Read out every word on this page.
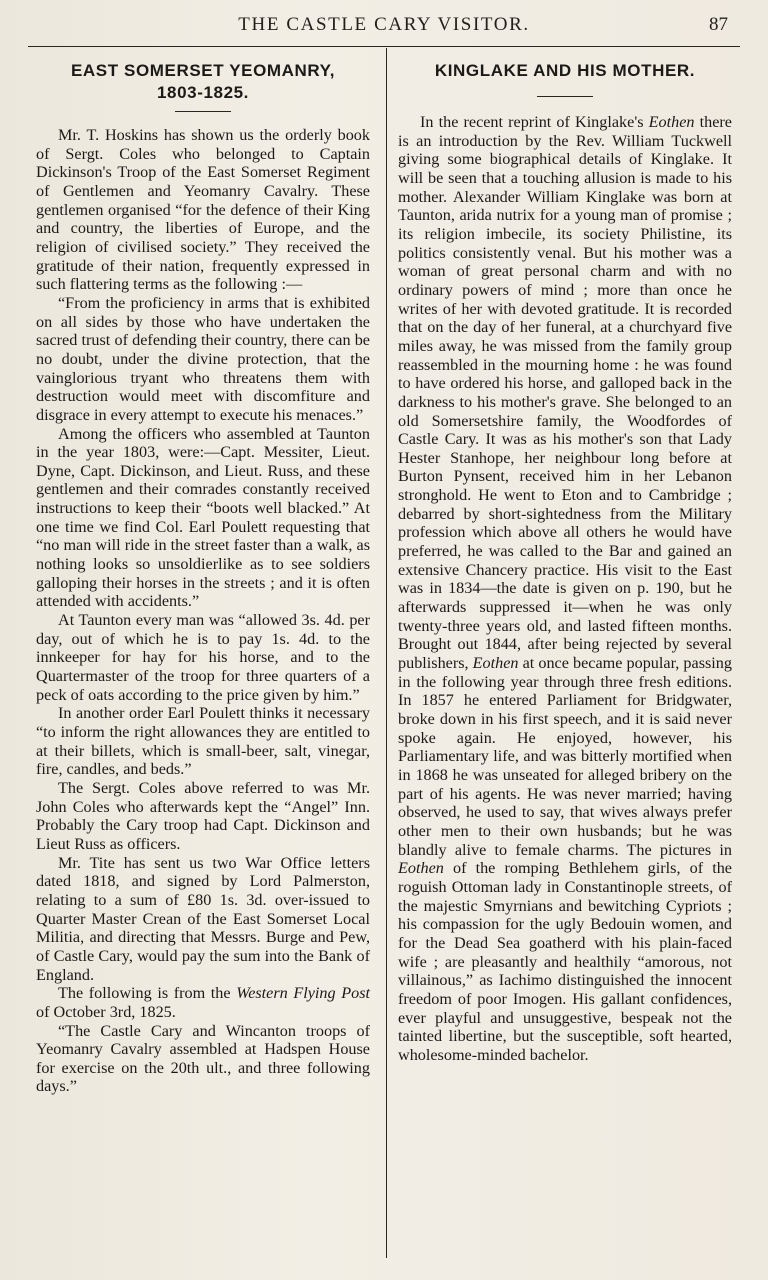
THE CASTLE CARY VISITOR.	87
EAST SOMERSET YEOMANRY,
1803-1825.

Mr. T. Hoskins has shown us the orderly book of Sergt. Coles who belonged to Captain Dickinson's Troop of the East Somerset Regiment of Gentlemen and Yeomanry Cavalry. These gentlemen organised “for the defence of their King and country, the liberties of Europe, and the religion of civilised society.” They received the gratitude of their nation, frequently expressed in such flattering terms as the following :—

“From the proficiency in arms that is exhibited on all sides by those who have undertaken the sacred trust of defending their country, there can be no doubt, under the divine protection, that the vainglorious tryant who threatens them with destruction would meet with discomfiture and disgrace in every attempt to execute his menaces.”

Among the officers who assembled at Taunton in the year 1803, were:—Capt. Messiter, Lieut. Dyne, Capt. Dickinson, and Lieut. Russ, and these gentlemen and their comrades constantly received instructions to keep their “boots well blacked.” At one time we find Col. Earl Poulett requesting that “no man will ride in the street faster than a walk, as nothing looks so unsoldierlike as to see soldiers galloping their horses in the streets ; and it is often attended with accidents.”

At Taunton every man was “allowed 3s. 4d. per day, out of which he is to pay 1s. 4d. to the innkeeper for hay for his horse, and to the Quartermaster of the troop for three quarters of a peck of oats according to the price given by him.”

In another order Earl Poulett thinks it necessary “to inform the right allowances they are entitled to at their billets, which is small-beer, salt, vinegar, fire, candles, and beds.”

The Sergt. Coles above referred to was Mr. John Coles who afterwards kept the “Angel” Inn. Probably the Cary troop had Capt. Dickinson and Lieut Russ as officers.

Mr. Tite has sent us two War Office letters dated 1818, and signed by Lord Palmerston, relating to a sum of £80 1s. 3d. over-issued to Quarter Master Crean of the East Somerset Local Militia, and directing that Messrs. Burge and Pew, of Castle Cary, would pay the sum into the Bank of England.

The following is from the Western Flying Post of October 3rd, 1825.

“The Castle Cary and Wincanton troops of Yeomanry Cavalry assembled at Hadspen House for exercise on the 20th ult., and three following days.”

KINGLAKE AND HIS MOTHER.

In the recent reprint of Kinglake's Eothen there is an introduction by the Rev. William Tuckwell giving some biographical details of Kinglake. It will be seen that a touching allusion is made to his mother. Alexander William Kinglake was born at Taunton, arida nutrix for a young man of promise ; its religion imbecile, its society Philistine, its politics consistently venal. But his mother was a woman of great personal charm and with no ordinary powers of mind ; more than once he writes of her with devoted gratitude. It is recorded that on the day of her funeral, at a churchyard five miles away, he was missed from the family group reassembled in the mourning home : he was found to have ordered his horse, and galloped back in the darkness to his mother's grave. She belonged to an old Somersetshire family, the Woodfordes of Castle Cary. It was as his mother's son that Lady Hester Stanhope, her neighbour long before at Burton Pynsent, received him in her Lebanon stronghold. He went to Eton and to Cambridge ; debarred by short-sightedness from the Military profession which above all others he would have preferred, he was called to the Bar and gained an extensive Chancery practice. His visit to the East was in 1834—the date is given on p. 190, but he afterwards suppressed it—when he was only twenty-three years old, and lasted fifteen months. Brought out 1844, after being rejected by several publishers, Eothen at once became popular, passing in the following year through three fresh editions. In 1857 he entered Parliament for Bridgwater, broke down in his first speech, and it is said never spoke again. He enjoyed, however, his Parliamentary life, and was bitterly mortified when in 1868 he was unseated for alleged bribery on the part of his agents. He was never married; having observed, he used to say, that wives always prefer other men to their own husbands; but he was blandly alive to female charms. The pictures in Eothen of the romping Bethlehem girls, of the roguish Ottoman lady in Constantinople streets, of the majestic Smyrnians and bewitching Cypriots ; his compassion for the ugly Bedouin women, and for the Dead Sea goatherd with his plain-faced wife ; are pleasantly and healthily “amorous, not villainous,” as Iachimo distinguished the innocent freedom of poor Imogen. His gallant confidences, ever playful and unsuggestive, bespeak not the tainted libertine, but the susceptible, soft hearted, wholesome-minded bachelor.
